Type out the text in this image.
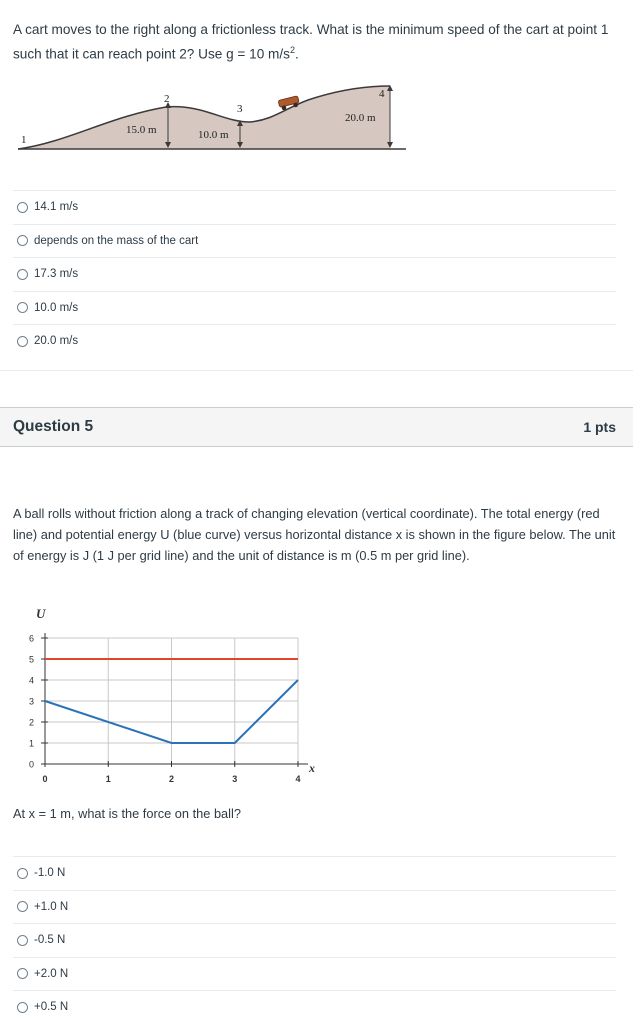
A cart moves to the right along a frictionless track. What is the minimum speed of the cart at point 1 such that it can reach point 2? Use g = 10 $m/s^2$.
1
2
3
4
15.0 m	10.0 m
20.0 m
14.1 m/s
depends on the mass of the cart
17.3 m/s
10.0 m/s
20.0 m/s
Question 5	1 pts
A ball rolls without friction along a track of changing elevation (vertical coordinate). The total energy (red line) and potential energy U (blue curve) versus horizontal distance x is shown in the figure below. The unit of energy is J (1 J per grid line) and the unit of distance is m (0.5 m per grid line).
0
1
2
3
4
5
6
0	1	2	3	4
U
x
At x = 1 m, what is the force on the ball?
-1.0 N
+1.0 N
-0.5 N
+2.0 N
+0.5 N
